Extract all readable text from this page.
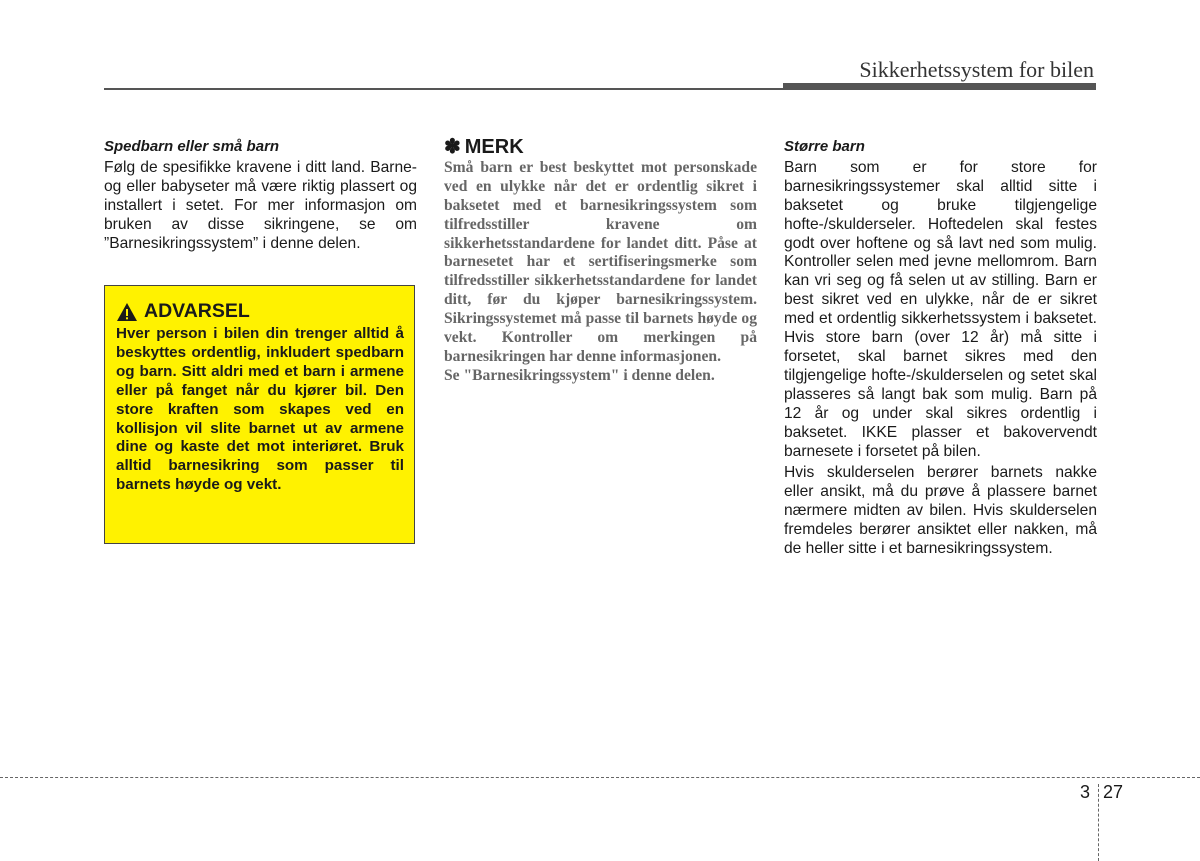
Sikkerhetssystem for bilen

Spedbarn eller små barn

Følg de spesifikke kravene i ditt land. Barne- og eller babyseter må være riktig plassert og installert i setet. For mer informasjon om bruken av disse sikringene, se om ”Barnesikringssystem” i denne delen.

ADVARSEL

Hver person i bilen din trenger alltid å beskyttes ordentlig, inkludert spedbarn og barn. Sitt aldri med et barn i armene eller på fanget når du kjører bil. Den store kraften som skapes ved en kollisjon vil slite barnet ut av armene dine og kaste det mot interiøret. Bruk alltid barnesikring som passer til barnets høyde og vekt.

✽ MERK

Små barn er best beskyttet mot personskade ved en ulykke når det er ordentlig sikret i baksetet med et barnesikringssystem som tilfredsstiller kravene om sikkerhetsstandardene for landet ditt. Påse at barnesetet har et sertifiseringsmerke som tilfredsstiller sikkerhetsstandardene for landet ditt, før du kjøper barnesikringssystem. Sikringssystemet må passe til barnets høyde og vekt. Kontroller om merkingen på barnesikringen har denne informasjonen.

Se "Barnesikringssystem" i denne delen.

Større barn

Barn som er for store for barnesikringssystemer skal alltid sitte i baksetet og bruke tilgjengelige hofte-/skulderseler. Hoftedelen skal festes godt over hoftene og så lavt ned som mulig. Kontroller selen med jevne mellomrom. Barn kan vri seg og få selen ut av stilling. Barn er best sikret ved en ulykke, når de er sikret med et ordentlig sikkerhetssystem i baksetet. Hvis store barn (over 12 år) må sitte i forsetet, skal barnet sikres med den tilgjengelige hofte-/skulderselen og setet skal plasseres så langt bak som mulig. Barn på 12 år og under skal sikres ordentlig i baksetet. IKKE plasser et bakovervendt barnesete i forsetet på bilen.

Hvis skulderselen berører barnets nakke eller ansikt, må du prøve å plassere barnet nærmere midten av bilen. Hvis skulderselen fremdeles berører ansiktet eller nakken, må de heller sitte i et barnesikringssystem.

3 27
